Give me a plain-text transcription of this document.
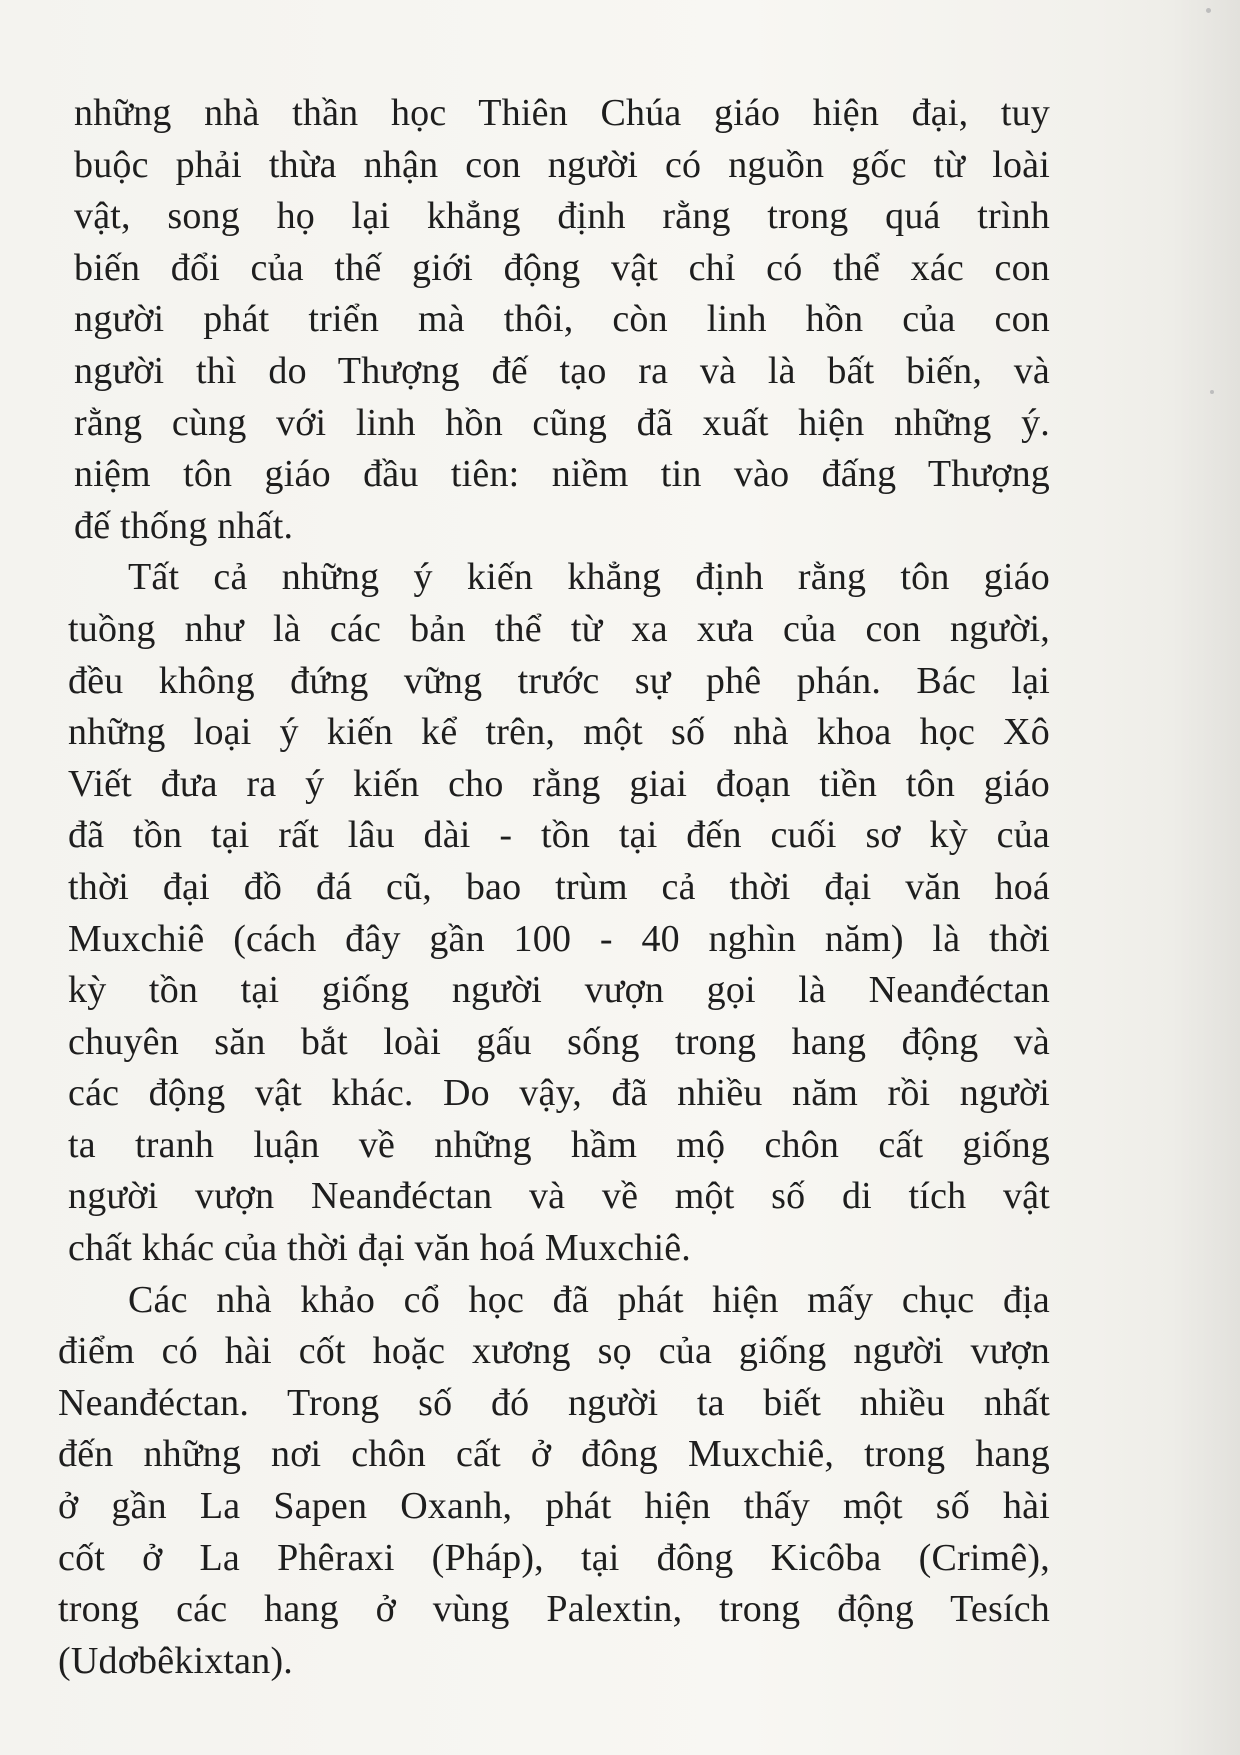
những nhà thần học Thiên Chúa giáo hiện đại, tuy
buộc phải thừa nhận con người có nguồn gốc từ loài
vật, song họ lại khẳng định rằng trong quá trình
biến đổi của thế giới động vật chỉ có thể xác con
người phát triển mà thôi, còn linh hồn của con
người thì do Thượng đế tạo ra và là bất biến, và
rằng cùng với linh hồn cũng đã xuất hiện những ý.
niệm tôn giáo đầu tiên: niềm tin vào đấng Thượng
đế thống nhất.
Tất cả những ý kiến khẳng định rằng tôn giáo
tuồng như là các bản thể từ xa xưa của con người,
đều không đứng vững trước sự phê phán. Bác lại
những loại ý kiến kể trên, một số nhà khoa học Xô
Viết đưa ra ý kiến cho rằng giai đoạn tiền tôn giáo
đã tồn tại rất lâu dài - tồn tại đến cuối sơ kỳ của
thời đại đồ đá cũ, bao trùm cả thời đại văn hoá
Muxchiê (cách đây gần 100 - 40 nghìn năm) là thời
kỳ tồn tại giống người vượn gọi là Neanđéctan
chuyên săn bắt loài gấu sống trong hang động và
các động vật khác. Do vậy, đã nhiều năm rồi người
ta tranh luận về những hầm mộ chôn cất giống
người vượn Neanđéctan và về một số di tích vật
chất khác của thời đại văn hoá Muxchiê.
Các nhà khảo cổ học đã phát hiện mấy chục địa
điểm có hài cốt hoặc xương sọ của giống người vượn
Neanđéctan. Trong số đó người ta biết nhiều nhất
đến những nơi chôn cất ở đông Muxchiê, trong hang
ở gần La Sapen Oxanh, phát hiện thấy một số hài
cốt ở La Phêraxi (Pháp), tại đông Kicôba (Crimê),
trong các hang ở vùng Palextin, trong động Tesích
(Udơbêkixtan).
